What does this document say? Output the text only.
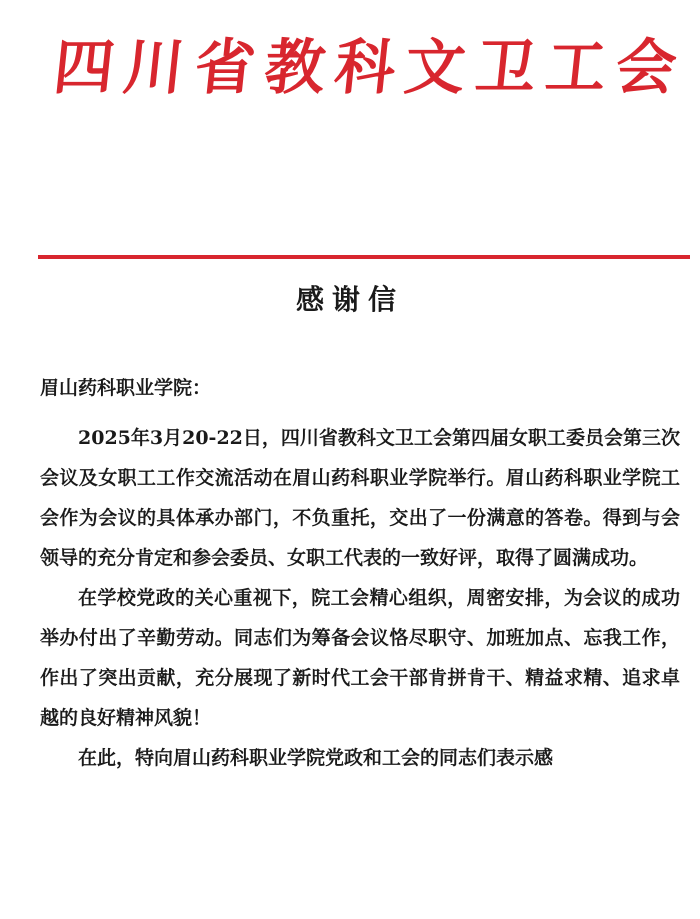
四 川 省 教 科 文 卫 工 会
感谢信
眉山药科职业学院：

2025年3月20-22日，四川省教科文卫工会第四届女职工委员会第三次会议及女职工工作交流活动在眉山药科职业学院举行。眉山药科职业学院工会作为会议的具体承办部门，不负重托，交出了一份满意的答卷。得到与会领导的充分肯定和参会委员、女职工代表的一致好评，取得了圆满成功。

在学校党政的关心重视下，院工会精心组织，周密安排，为会议的成功举办付出了辛勤劳动。同志们为筹备会议恪尽职守、加班加点、忘我工作，作出了突出贡献，充分展现了新时代工会干部肯拼肯干、精益求精、追求卓越的良好精神风貌！

在此，特向眉山药科职业学院党政和工会的同志们表示感
